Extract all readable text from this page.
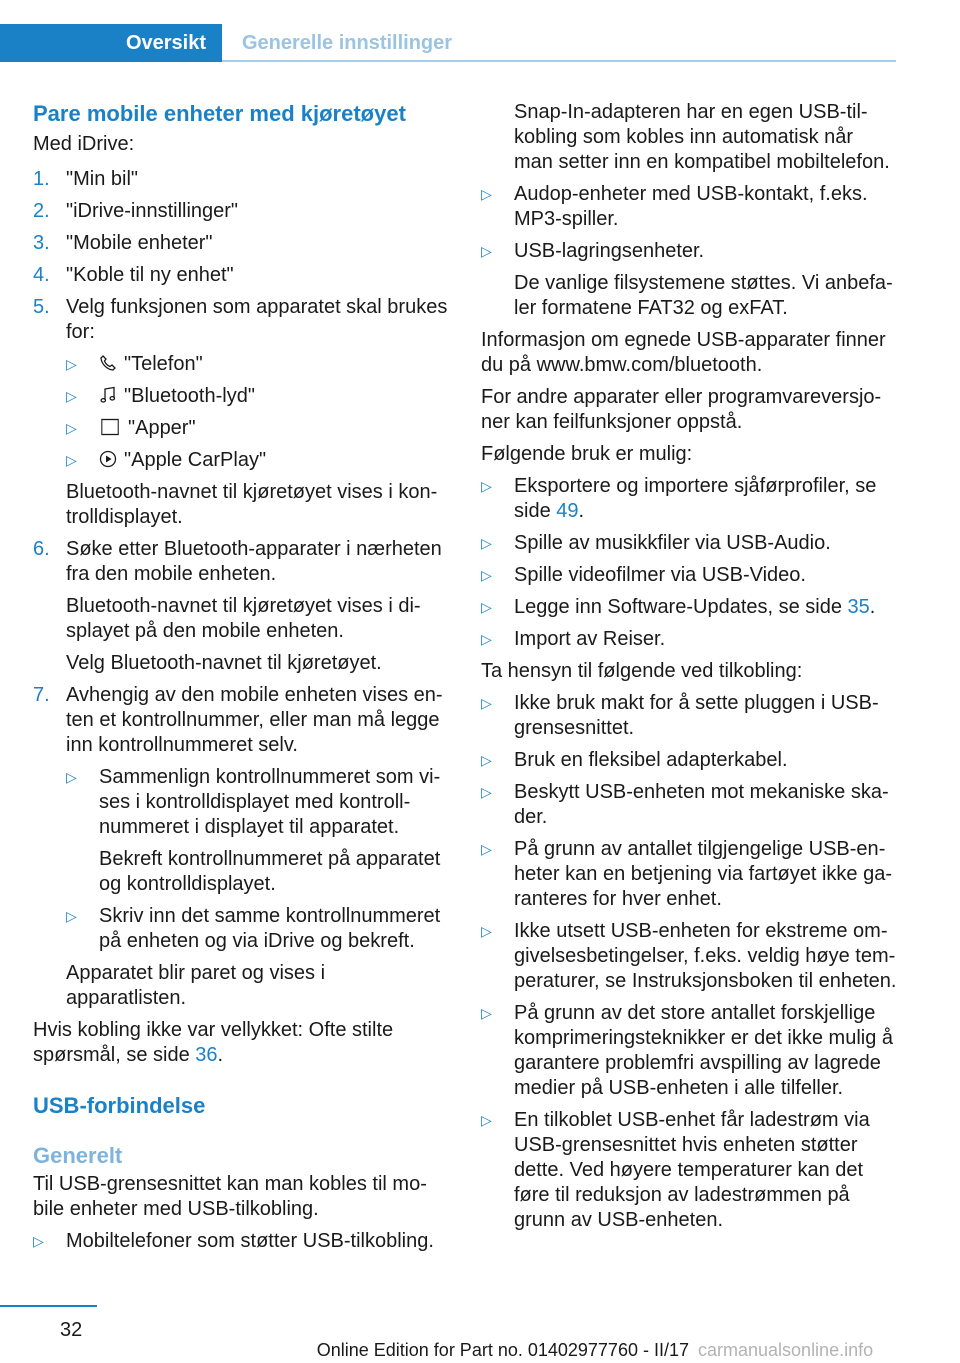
Oversikt	Generelle innstillinger
Pare mobile enheter med kjøretøyet

Med iDrive:

1. "Min bil"
2. "iDrive-innstillinger"
3. "Mobile enheter"
4. "Koble til ny enhet"
5. Velg funksjonen som apparatet skal brukes for:
▷
"Telefon"
▷
"Bluetooth-lyd"
▷
"Apper"
▷
"Apple CarPlay"

Bluetooth-navnet til kjøretøyet vises i kontrolldisplayet.

6. Søke etter Bluetooth-apparater i nærheten fra den mobile enheten.

Bluetooth-navnet til kjøretøyet vises i displayet på den mobile enheten.

Velg Bluetooth-navnet til kjøretøyet.

7. Avhengig av den mobile enheten vises enten et kontrollnummer, eller man må legge inn kontrollnummeret selv.
▷
Sammenlign kontrollnummeret som vises i kontrolldisplayet med kontrollnummeret i displayet til apparatet.

Bekreft kontrollnummeret på apparatet og kontrolldisplayet.

▷
Skriv inn det samme kontrollnummeret på enheten og via iDrive og bekreft.

Apparatet blir paret og vises i apparatlisten.

Hvis kobling ikke var vellykket: Ofte stilte spørsmål, se side 36.

USB-forbindelse
Generelt

Til USB-grensesnittet kan man kobles til mobile enheter med USB-tilkobling.

▷
Mobiltelefoner som støtter USB-tilkobling.

Snap-In-adapteren har en egen USB-tilkobling som kobles inn automatisk når man setter inn en kompatibel mobiltelefon.

▷
Audop-enheter med USB-kontakt, f.eks. MP3-spiller.
▷
USB-lagringsenheter.

De vanlige filsystemene støttes. Vi anbefaler formatene FAT32 og exFAT.

Informasjon om egnede USB-apparater finner du på www.bmw.com/bluetooth.

For andre apparater eller programvareversjoner kan feilfunksjoner oppstå.

Følgende bruk er mulig:

▷
Eksportere og importere sjåførprofiler, se side 49.
▷
Spille av musikkfiler via USB-Audio.
▷
Spille videofilmer via USB-Video.
▷
Legge inn Software-Updates, se side 35.
▷
Import av Reiser.

Ta hensyn til følgende ved tilkobling:

▷
Ikke bruk makt for å sette pluggen i USB-grensesnittet.
▷
Bruk en fleksibel adapterkabel.
▷
Beskytt USB-enheten mot mekaniske skader.
▷
På grunn av antallet tilgjengelige USB-enheter kan en betjening via fartøyet ikke garanteres for hver enhet.
▷
Ikke utsett USB-enheten for ekstreme omgivelsesbetingelser, f.eks. veldig høye temperaturer, se Instruksjonsboken til enheten.
▷
På grunn av det store antallet forskjellige komprimeringsteknikker er det ikke mulig å garantere problemfri avspilling av lagrede medier på USB-enheten i alle tilfeller.
▷
En tilkoblet USB-enhet får ladestrøm via USB-grensesnittet hvis enheten støtter dette. Ved høyere temperaturer kan det føre til reduksjon av ladestrømmen på grunn av USB-enheten.
32
Online Edition for Part no. 01402977760 - II/17 carmanualsonline.info
